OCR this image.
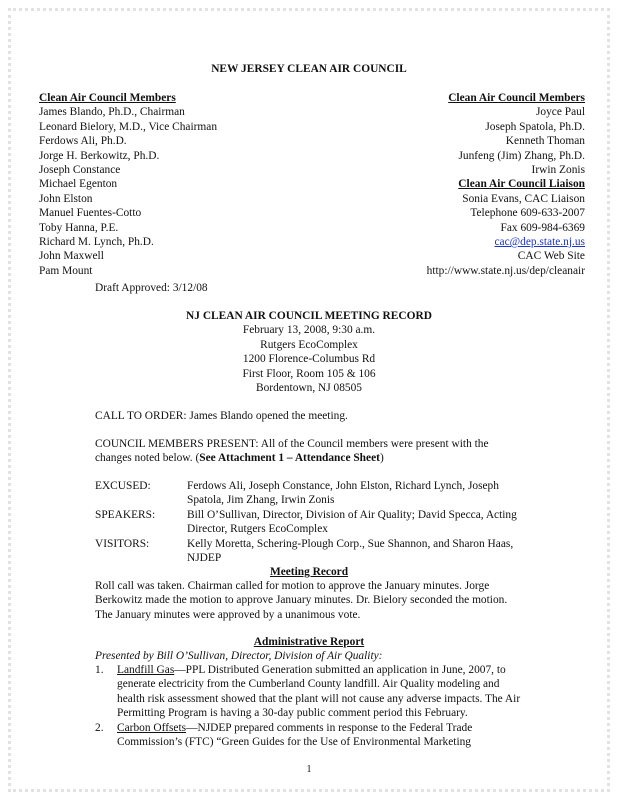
NEW JERSEY CLEAN AIR COUNCIL
Clean Air Council Members
James Blando, Ph.D., Chairman
Leonard Bielory, M.D., Vice Chairman
Ferdows Ali, Ph.D.
Jorge H. Berkowitz, Ph.D.
Joseph Constance
Michael Egenton
John Elston
Manuel Fuentes-Cotto
Toby Hanna, P.E.
Richard M. Lynch, Ph.D.
John Maxwell
Pam Mount
Clean Air Council Members
Joyce Paul
Joseph Spatola, Ph.D.
Kenneth Thoman
Junfeng (Jim) Zhang, Ph.D.
Irwin Zonis
Clean Air Council Liaison
Sonia Evans, CAC Liaison
Telephone 609-633-2007
Fax 609-984-6369
cac@dep.state.nj.us
CAC Web Site
http://www.state.nj.us/dep/cleanair
Draft Approved: 3/12/08
NJ CLEAN AIR COUNCIL MEETING RECORD
February 13, 2008, 9:30 a.m.
Rutgers EcoComplex
1200 Florence-Columbus Rd
First Floor, Room 105 & 106
Bordentown, NJ 08505
CALL TO ORDER: James Blando opened the meeting.
COUNCIL MEMBERS PRESENT: All of the Council members were present with the changes noted below. (See Attachment 1 – Attendance Sheet)
EXCUSED:	Ferdows Ali, Joseph Constance, John Elston, Richard Lynch, Joseph Spatola, Jim Zhang, Irwin Zonis
SPEAKERS:	Bill O’Sullivan, Director, Division of Air Quality; David Specca, Acting Director, Rutgers EcoComplex
VISITORS:	Kelly Moretta, Schering-Plough Corp., Sue Shannon, and Sharon Haas, NJDEP
Meeting Record
Roll call was taken. Chairman called for motion to approve the January minutes. Jorge Berkowitz made the motion to approve January minutes. Dr. Bielory seconded the motion. The January minutes were approved by a unanimous vote.
Administrative Report
Presented by Bill O’Sullivan, Director, Division of Air Quality:
1.	Landfill Gas—PPL Distributed Generation submitted an application in June, 2007, to generate electricity from the Cumberland County landfill. Air Quality modeling and health risk assessment showed that the plant will not cause any adverse impacts. The Air Permitting Program is having a 30-day public comment period this February.
2.	Carbon Offsets—NJDEP prepared comments in response to the Federal Trade Commission’s (FTC) “Green Guides for the Use of Environmental Marketing
1
